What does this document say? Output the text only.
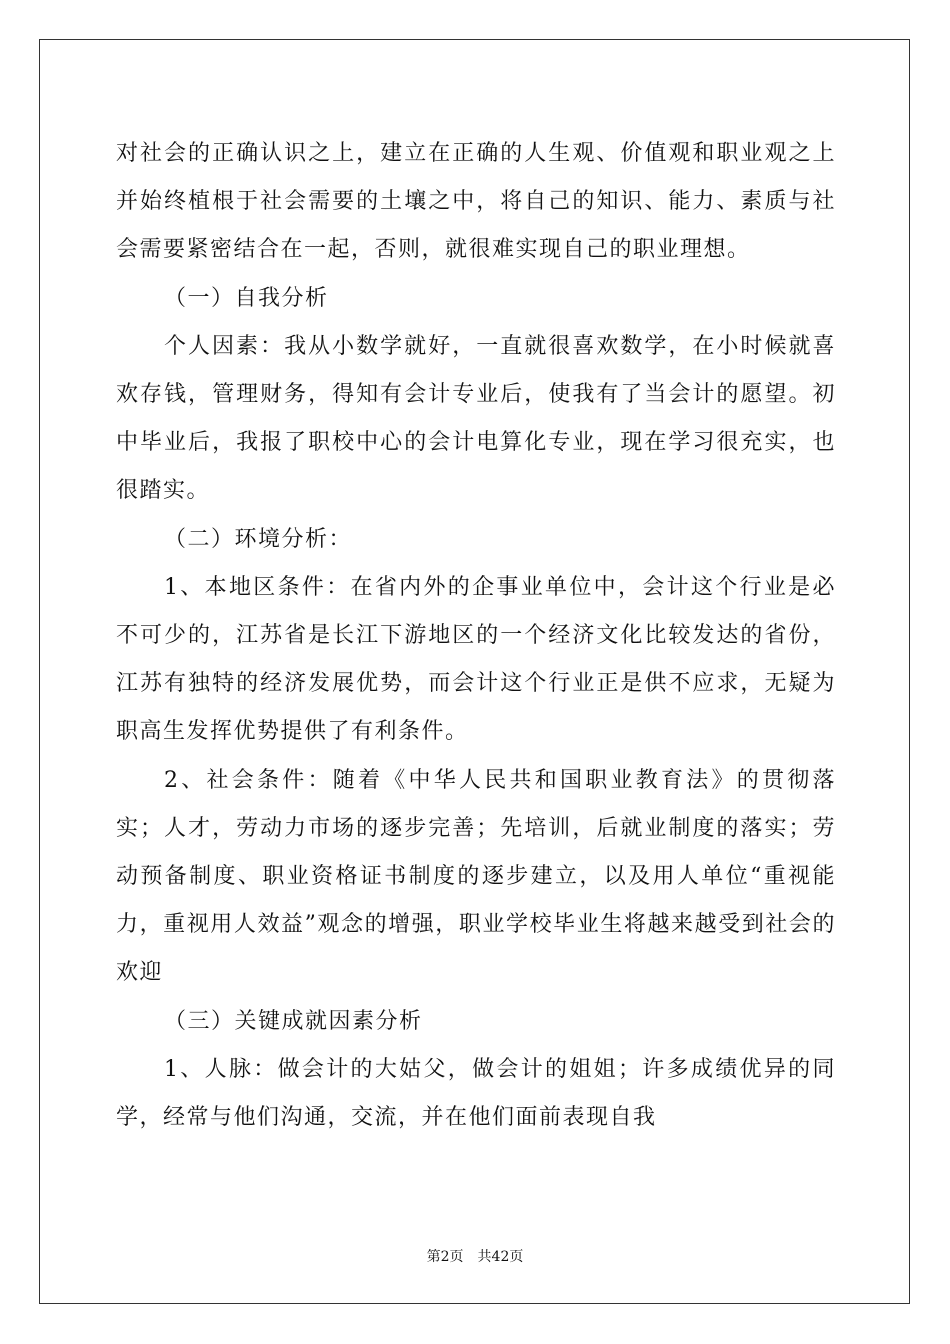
对社会的正确认识之上，建立在正确的人生观、价值观和职业观之上并始终植根于社会需要的土壤之中，将自己的知识、能力、素质与社会需要紧密结合在一起，否则，就很难实现自己的职业理想。

（一）自我分析

个人因素：我从小数学就好，一直就很喜欢数学，在小时候就喜欢存钱，管理财务，得知有会计专业后，使我有了当会计的愿望。初中毕业后，我报了职校中心的会计电算化专业，现在学习很充实，也很踏实。

（二）环境分析：

1、本地区条件：在省内外的企事业单位中，会计这个行业是必不可少的，江苏省是长江下游地区的一个经济文化比较发达的省份，江苏有独特的经济发展优势，而会计这个行业正是供不应求，无疑为职高生发挥优势提供了有利条件。

2、社会条件：随着《中华人民共和国职业教育法》的贯彻落实；人才，劳动力市场的逐步完善；先培训，后就业制度的落实；劳动预备制度、职业资格证书制度的逐步建立，以及用人单位“重视能力，重视用人效益”观念的增强，职业学校毕业生将越来越受到社会的欢迎

（三）关键成就因素分析

1、人脉：做会计的大姑父，做会计的姐姐；许多成绩优异的同学，经常与他们沟通，交流，并在他们面前表现自我

第2页 共42页
